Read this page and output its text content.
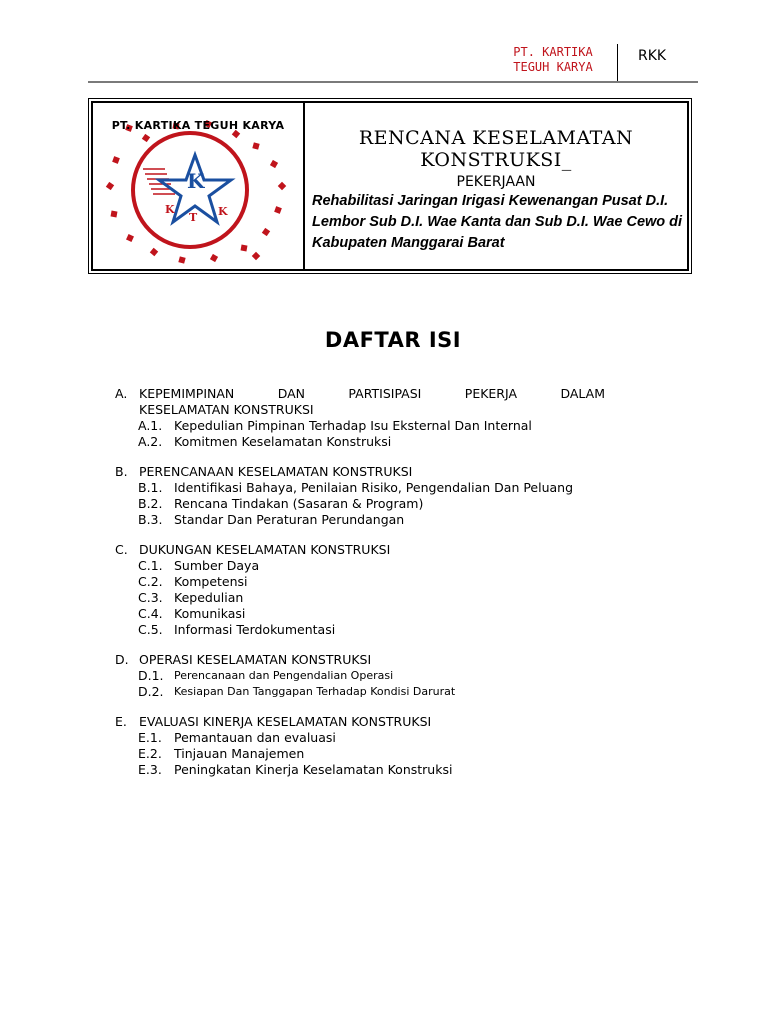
PT. KARTIKA
TEGUH KARYA
RKK
PT. KARTIKA TEGUH KARYA
K
K
T K
RENCANA KESELAMATAN
KONSTRUKSI_
PEKERJAAN
Rehabilitasi Jaringan Irigasi Kewenangan Pusat D.I. Lembor Sub D.I. Wae Kanta dan Sub D.I. Wae Cewo di Kabupaten Manggarai Barat
DAFTAR ISI
A. KEPEMIMPINAN DAN PARTISIPASI PEKERJA DALAM
KESELAMATAN KONSTRUKSI
A.1. Kepedulian Pimpinan Terhadap Isu Eksternal Dan Internal
A.2. Komitmen Keselamatan Konstruksi
B. PERENCANAAN KESELAMATAN KONSTRUKSI
B.1. Identifikasi Bahaya, Penilaian Risiko, Pengendalian Dan Peluang
B.2. Rencana Tindakan (Sasaran & Program)
B.3. Standar Dan Peraturan Perundangan
C. DUKUNGAN KESELAMATAN KONSTRUKSI
C.1. Sumber Daya
C.2. Kompetensi
C.3. Kepedulian
C.4. Komunikasi
C.5. Informasi Terdokumentasi
D. OPERASI KESELAMATAN KONSTRUKSI
D.1. Perencanaan dan Pengendalian Operasi
D.2. Kesiapan Dan Tanggapan Terhadap Kondisi Darurat
E. EVALUASI KINERJA KESELAMATAN KONSTRUKSI
E.1. Pemantauan dan evaluasi
E.2. Tinjauan Manajemen
E.3. Peningkatan Kinerja Keselamatan Konstruksi
